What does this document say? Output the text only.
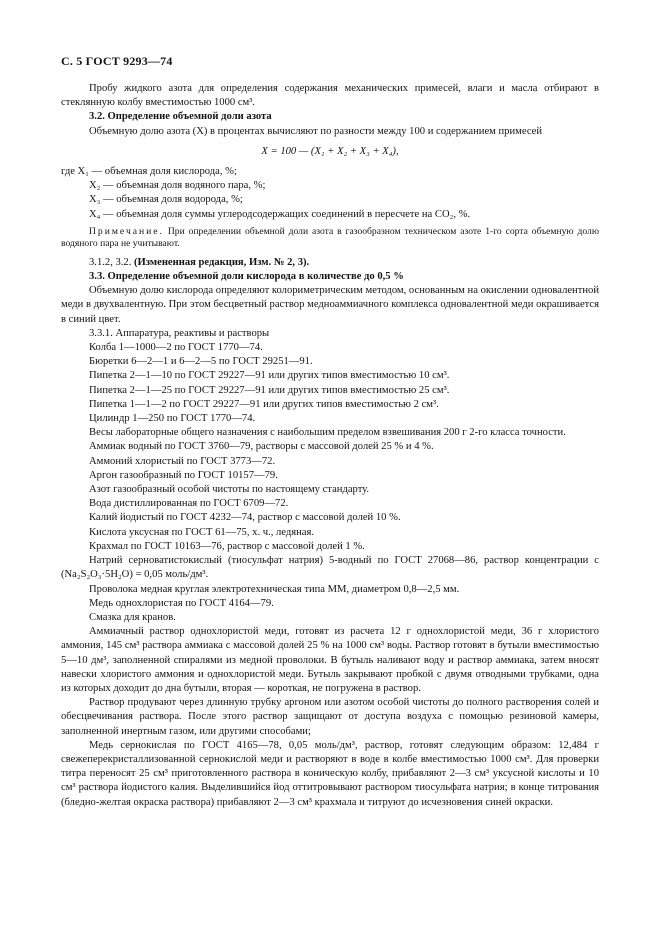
С. 5 ГОСТ 9293—74

Пробу жидкого азота для определения содержания механических примесей, влаги и масла отбирают в стеклянную колбу вместимостью 1000 см³.

3.2. Определение объемной доли азота

Объемную долю азота (X) в процентах вычисляют по разности между 100 и содержанием примесей

X = 100 — (X₁ + X₂ + X₃ + X₄),

где X₁ — объемная доля кислорода, %;

X₂ — объемная доля водяного пара, %;

X₃ — объемная доля водорода, %;

X₄ — объемная доля суммы углеродсодержащих соединений в пересчете на CO₂, %.

Примечание. При определении объемной доли азота в газообразном техническом азоте 1-го сорта объемную долю водяного пара не учитывают.

3.1.2, 3.2. (Измененная редакция, Изм. № 2, 3).

3.3. Определение объемной доли кислорода в количестве до 0,5 %

Объемную долю кислорода определяют колориметрическим методом, основанным на окислении одновалентной меди в двухвалентную. При этом бесцветный раствор медноаммиачного комплекса одновалентной меди окрашивается в синий цвет.

3.3.1. Аппаратура, реактивы и растворы

Колба 1—1000—2 по ГОСТ 1770—74.

Бюретки 6—2—1 и 6—2—5 по ГОСТ 29251—91.

Пипетка 2—1—10 по ГОСТ 29227—91 или других типов вместимостью 10 см³.

Пипетка 2—1—25 по ГОСТ 29227—91 или других типов вместимостью 25 см³.

Пипетка 1—1—2 по ГОСТ 29227—91 или других типов вместимостью 2 см³.

Цилиндр 1—250 по ГОСТ 1770—74.

Весы лабораторные общего назначения с наибольшим пределом взвешивания 200 г 2-го класса точности.

Аммиак водный по ГОСТ 3760—79, растворы с массовой долей 25 % и 4 %.

Аммоний хлористый по ГОСТ 3773—72.

Аргон газообразный по ГОСТ 10157—79.

Азот газообразный особой чистоты по настоящему стандарту.

Вода дистиллированная по ГОСТ 6709—72.

Калий йодистый по ГОСТ 4232—74, раствор с массовой долей 10 %.

Кислота уксусная по ГОСТ 61—75, х. ч., ледяная.

Крахмал по ГОСТ 10163—76, раствор с массовой долей 1 %.

Натрий серноватистокислый (тиосульфат натрия) 5-водный по ГОСТ 27068—86, раствор концентрации c (Na₂S₂O₃·5H₂O) = 0,05 моль/дм³.

Проволока медная круглая электротехническая типа ММ, диаметром 0,8—2,5 мм.

Медь однохлористая по ГОСТ 4164—79.

Смазка для кранов.

Аммиачный раствор однохлористой меди, готовят из расчета 12 г однохлористой меди, 36 г хлористого аммония, 145 см³ раствора аммиака с массовой долей 25 % на 1000 см³ воды. Раствор готовят в бутыли вместимостью 5—10 дм³, заполненной спиралями из медной проволоки. В бутыль наливают воду и раствор аммиака, затем вносят навески хлористого аммония и однохлористой меди. Бутыль закрывают пробкой с двумя отводными трубками, одна из которых доходит до дна бутыли, вторая — короткая, не погружена в раствор.

Раствор продувают через длинную трубку аргоном или азотом особой чистоты до полного растворения солей и обесцвечивания раствора. После этого раствор защищают от доступа воздуха с помощью резиновой камеры, заполненной инертным газом, или другими способами;

Медь сернокислая по ГОСТ 4165—78, 0,05 моль/дм³, раствор, готовят следующим образом: 12,484 г свежеперекристаллизованной сернокислой меди и растворяют в воде в колбе вместимостью 1000 см³. Для проверки титра переносят 25 см³ приготовленного раствора в коническую колбу, прибавляют 2—3 см³ уксусной кислоты и 10 см³ раствора йодистого калия. Выделившийся йод оттитровывают раствором тиосульфата натрия; в конце титрования (бледно-желтая окраска раствора) прибавляют 2—3 см³ крахмала и титруют до исчезновения синей окраски.
